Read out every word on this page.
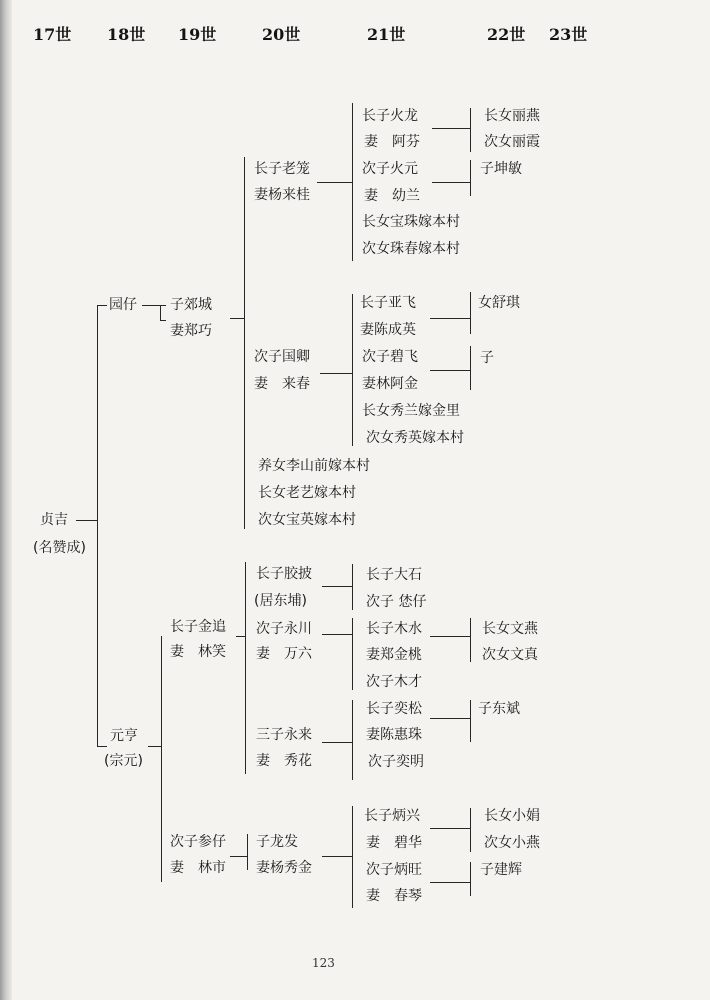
17世 18世 19世	20世	21世	22世 23世
贞吉
(名赞成)
园仔
元亨
(宗元)
子郊城
妻郑巧
长子金追
妻　林笑
次子参仔
妻　林市
长子老笼
妻杨来桂
次子国卿
妻　来春
养女李山前嫁本村
长女老艺嫁本村
次女宝英嫁本村
长子胶披
(居东埔)
次子永川
妻　万六
三子永来
妻　秀花
子龙发
妻杨秀金
长子火龙
妻　阿芬
次子火元
妻　幼兰
长女宝珠嫁本村
次女珠春嫁本村
长子亚飞
妻陈成英
次子碧飞
妻林阿金
长女秀兰嫁金里
次女秀英嫁本村
长子大石
次子 恷仔
长子木水
妻郑金桃
次子木才
长子奕松
妻陈惠珠
次子奕明
长子炳兴
妻　碧华
次子炳旺
妻　春琴
长女丽燕
次女丽霞
子坤敏
女舒琪
子
长女文燕
次女文真
子东斌
长女小娟
次女小燕
子建辉
123
